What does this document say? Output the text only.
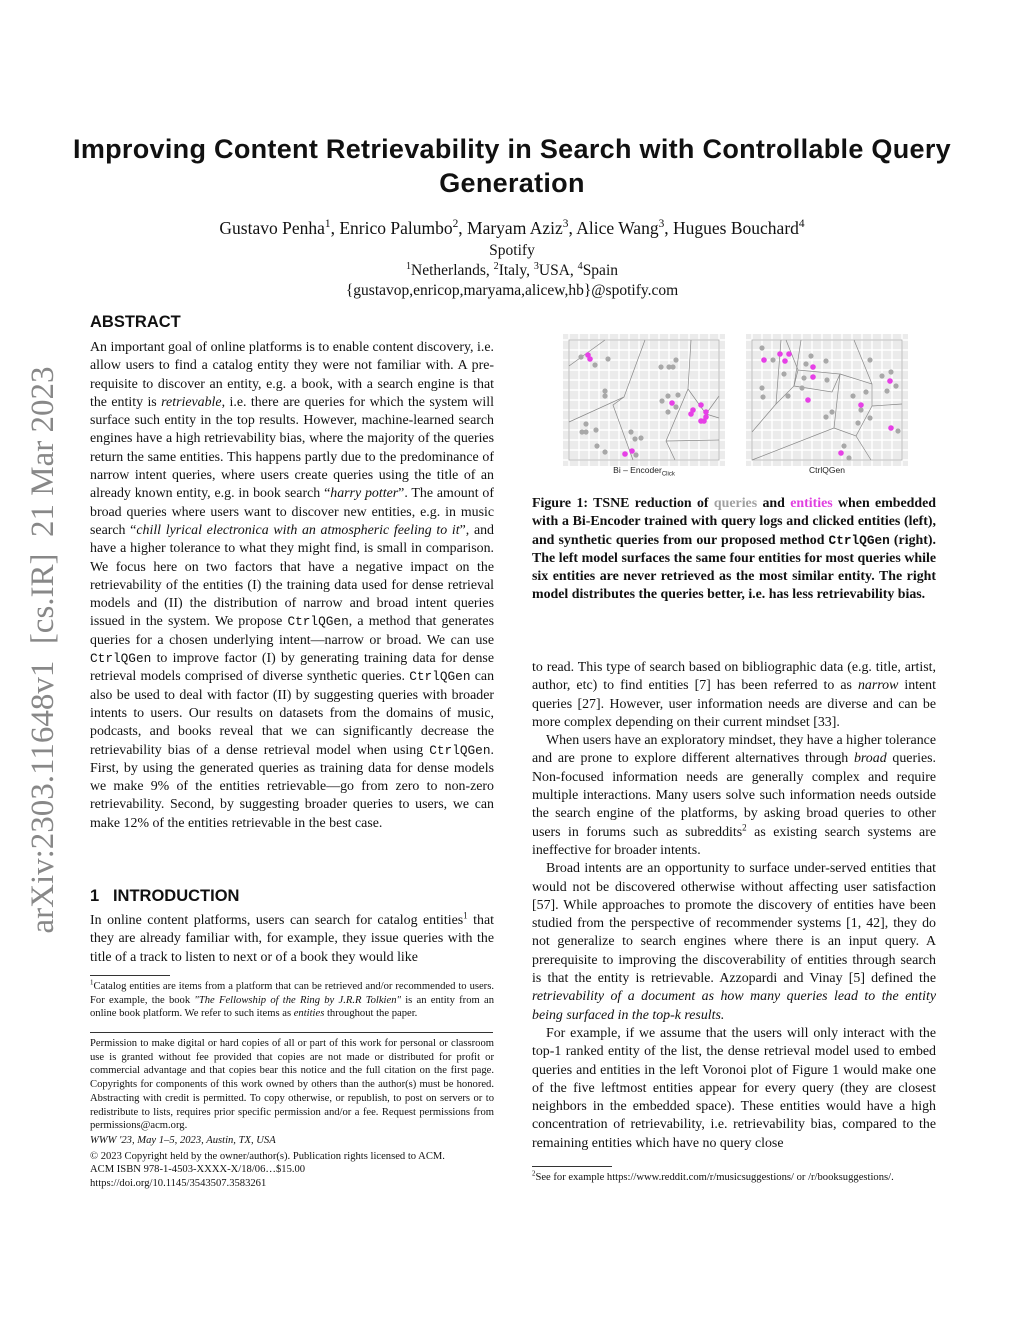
arXiv:2303.11648v1  [cs.IR]  21 Mar 2023
Improving Content Retrievability in Search with Controllable Query Generation
Gustavo Penha$^1$, Enrico Palumbo$^2$, Maryam Aziz$^3$, Alice Wang$^3$, Hugues Bouchard$^4$
Spotify
$^1$Netherlands, $^2$Italy, $^3$USA, $^4$Spain
{gustavop,enricop,maryama,alicew,hb}@spotify.com
ABSTRACT

An important goal of online platforms is to enable content discovery, i.e. allow users to find a catalog entity they were not familiar with. A pre-requisite to discover an entity, e.g. a book, with a search engine is that the entity is retrievable, i.e. there are queries for which the system will surface such entity in the top results. However, machine-learned search engines have a high retrievability bias, where the majority of the queries return the same entities. This happens partly due to the predominance of narrow intent queries, where users create queries using the title of an already known entity, e.g. in book search “harry potter”. The amount of broad queries where users want to discover new entities, e.g. in music search “chill lyrical electronica with an atmospheric feeling to it”, and have a higher tolerance to what they might find, is small in comparison. We focus here on two factors that have a negative impact on the retrievability of the entities (I) the training data used for dense retrieval models and (II) the distribution of narrow and broad intent queries issued in the system. We propose CtrlQGen, a method that generates queries for a chosen underlying intent—narrow or broad. We can use CtrlQGen to improve factor (I) by generating training data for dense retrieval models comprised of diverse synthetic queries. CtrlQGen can also be used to deal with factor (II) by suggesting queries with broader intents to users. Our results on datasets from the domains of music, podcasts, and books reveal that we can significantly decrease the retrievability bias of a dense retrieval model when using CtrlQGen. First, by using the generated queries as training data for dense models we make 9% of the entities retrievable—go from zero to non-zero retrievability. Second, by suggesting broader queries to users, we can make 12% of the entities retrievable in the best case.

1 INTRODUCTION

In online content platforms, users can search for catalog entities$^1$ that they are already familiar with, for example, they issue queries with the title of a track to listen to next or of a book they would like

$^1$Catalog entities are items from a platform that can be retrieved and/or recommended to users. For example, the book "The Fellowship of the Ring by J.R.R Tolkien" is an entity from an online book platform. We refer to such items as entities throughout the paper.

Permission to make digital or hard copies of all or part of this work for personal or classroom use is granted without fee provided that copies are not made or distributed for profit or commercial advantage and that copies bear this notice and the full citation on the first page. Copyrights for components of this work owned by others than the author(s) must be honored. Abstracting with credit is permitted. To copy otherwise, or republish, to post on servers or to redistribute to lists, requires prior specific permission and/or a fee. Request permissions from permissions@acm.org.

WWW '23, May 1–5, 2023, Austin, TX, USA

© 2023 Copyright held by the owner/author(s). Publication rights licensed to ACM.

ACM ISBN 978-1-4503-XXXX-X/18/06…$15.00

https://doi.org/10.1145/3543507.3583261

Bi – Encoder$_{Click}$	CtrlQGen

Figure 1: TSNE reduction of queries and entities when embedded with a Bi-Encoder trained with query logs and clicked entities (left), and synthetic queries from our proposed method CtrlQGen (right). The left model surfaces the same four entities for most queries while six entities are never retrieved as the most similar entity. The right model distributes the queries better, i.e. has less retrievability bias.

to read. This type of search based on bibliographic data (e.g. title, artist, author, etc) to find entities [7] has been referred to as narrow intent queries [27]. However, user information needs are diverse and can be more complex depending on their current mindset [33].

When users have an exploratory mindset, they have a higher tolerance and are prone to explore different alternatives through broad queries. Non-focused information needs are generally complex and require multiple interactions. Many users solve such information needs outside the search engine of the platforms, by asking broad queries to other users in forums such as subreddits$^2$ as existing search systems are ineffective for broader intents.

Broad intents are an opportunity to surface under-served entities that would not be discovered otherwise without affecting user satisfaction [57]. While approaches to promote the discovery of entities have been studied from the perspective of recommender systems [1, 42], they do not generalize to search engines where there is an input query. A prerequisite to improving the discoverability of entities through search is that the entity is retrievable. Azzopardi and Vinay [5] defined the retrievability of a document as how many queries lead to the entity being surfaced in the top-k results.

For example, if we assume that the users will only interact with the top-1 ranked entity of the list, the dense retrieval model used to embed queries and entities in the left Voronoi plot of Figure 1 would make one of the five leftmost entities appear for every query (they are closest neighbors in the embedded space). These entities would have a high concentration of retrievability, i.e. retrievability bias, compared to the remaining entities which have no query close

$^2$See for example https://www.reddit.com/r/musicsuggestions/ or /r/booksuggestions/.
